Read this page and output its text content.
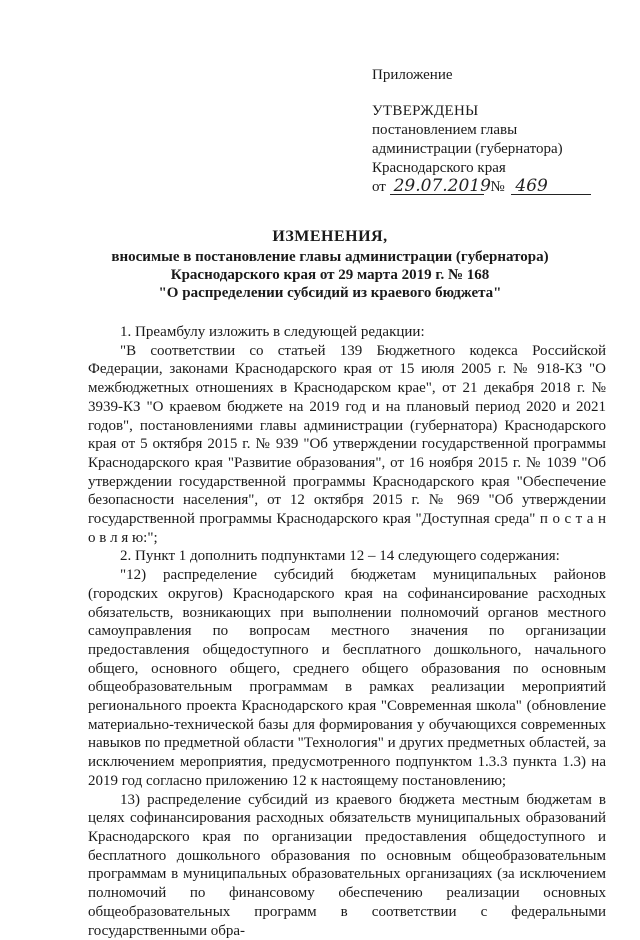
Приложение
УТВЕРЖДЕНЫ
постановлением главы
администрации (губернатора)
Краснодарского края
от 29.07.2019 № 469
ИЗМЕНЕНИЯ,
вносимые в постановление главы администрации (губернатора)
Краснодарского края от 29 марта 2019 г. № 168
"О распределении субсидий из краевого бюджета"

1. Преамбулу изложить в следующей редакции:

"В соответствии со статьей 139 Бюджетного кодекса Российской Федерации, законами Краснодарского края от 15 июля 2005 г. № 918-КЗ "О межбюджетных отношениях в Краснодарском крае", от 21 декабря 2018 г. № 3939-КЗ "О краевом бюджете на 2019 год и на плановый период 2020 и 2021 годов", постановлениями главы администрации (губернатора) Краснодарского края от 5 октября 2015 г. № 939 "Об утверждении государственной программы Краснодарского края "Развитие образования", от 16 ноября 2015 г. № 1039 "Об утверждении государственной программы Краснодарского края "Обеспечение безопасности населения", от 12 октября 2015 г. № 969 "Об утверждении государственной программы Краснодарского края "Доступная среда" п о с т а н о в л я ю:";

2. Пункт 1 дополнить подпунктами 12 – 14 следующего содержания:

"12) распределение субсидий бюджетам муниципальных районов (городских округов) Краснодарского края на софинансирование расходных обязательств, возникающих при выполнении полномочий органов местного самоуправления по вопросам местного значения по организации предоставления общедоступного и бесплатного дошкольного, начального общего, основного общего, среднего общего образования по основным общеобразовательным программам в рамках реализации мероприятий регионального проекта Краснодарского края "Современная школа" (обновление материально-технической базы для формирования у обучающихся современных навыков по предметной области "Технология" и других предметных областей, за исключением мероприятия, предусмотренного подпунктом 1.3.3 пункта 1.3) на 2019 год согласно приложению 12 к настоящему постановлению;

13) распределение субсидий из краевого бюджета местным бюджетам в целях софинансирования расходных обязательств муниципальных образований Краснодарского края по организации предоставления общедоступного и бесплатного дошкольного образования по основным общеобразовательным программам в муниципальных образовательных организациях (за исключением полномочий по финансовому обеспечению реализации основных общеобразовательных программ в соответствии с федеральными государственными обра-
